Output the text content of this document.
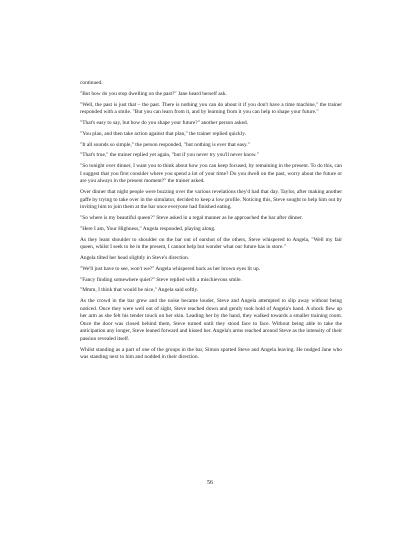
continued.

"But how do you stop dwelling on the past?" Jane heard herself ask.

"Well, the past is just that – the past. There is nothing you can do about it if you don't have a time machine," the trainer responded with a smile. "But you can learn from it, and by learning from it you can help to shape your future."

"That's easy to say, but how do you shape your future?" another person asked.

"You plan, and then take action against that plan," the trainer replied quickly.

"It all sounds so simple," the person responded, "but nothing is ever that easy."

"That's true," the trainer replied yet again, "but if you never try you'll never know."

"So tonight over dinner, I want you to think about how you can keep focused, by remaining in the present. To do this, can I suggest that you first consider where you spend a lot of your time? Do you dwell on the past, worry about the future or are you always in the present moment?" the trainer asked.

Over dinner that night people were buzzing over the various revelations they'd had that day. Taylor, after making another gaffe by trying to take over in the simulator, decided to keep a low profile. Noticing this, Steve sought to help him out by inviting him to join them at the bar once everyone had finished eating.

"So where is my beautiful queen?" Steve asked in a regal manner as he approached the bar after dinner.

"Here I am, Your Highness," Angela responded, playing along.

As they leant shoulder to shoulder on the bar out of earshot of the others, Steve whispered to Angela, "Well my fair queen, whilst I seek to be in the present, I cannot help but wonder what our future has in store."

Angela tilted her head slightly in Steve's direction.

"We'll just have to see, won't we?" Angela whispered back as her brown eyes lit up.

"Fancy finding somewhere quiet?" Steve replied with a mischievous smile.

"Mmm, I think that would be nice," Angela said softly.

As the crowd in the bar grew and the noise became louder, Steve and Angela attempted to slip away without being noticed. Once they were well out of sight, Steve reached down and gently took hold of Angela's hand. A shock flew up her arm as she felt his tender touch on her skin. Leading her by the hand, they walked towards a smaller training room. Once the door was closed behind them, Steve turned until they stood face to face. Without being able to take the anticipation any longer, Steve leaned forward and kissed her. Angela's arms reached around Steve as the intensity of their passion revealed itself.

Whilst standing as a part of one of the groups in the bar, Simon spotted Steve and Angela leaving. He nudged Jane who was standing next to him and nodded in their direction.

56
